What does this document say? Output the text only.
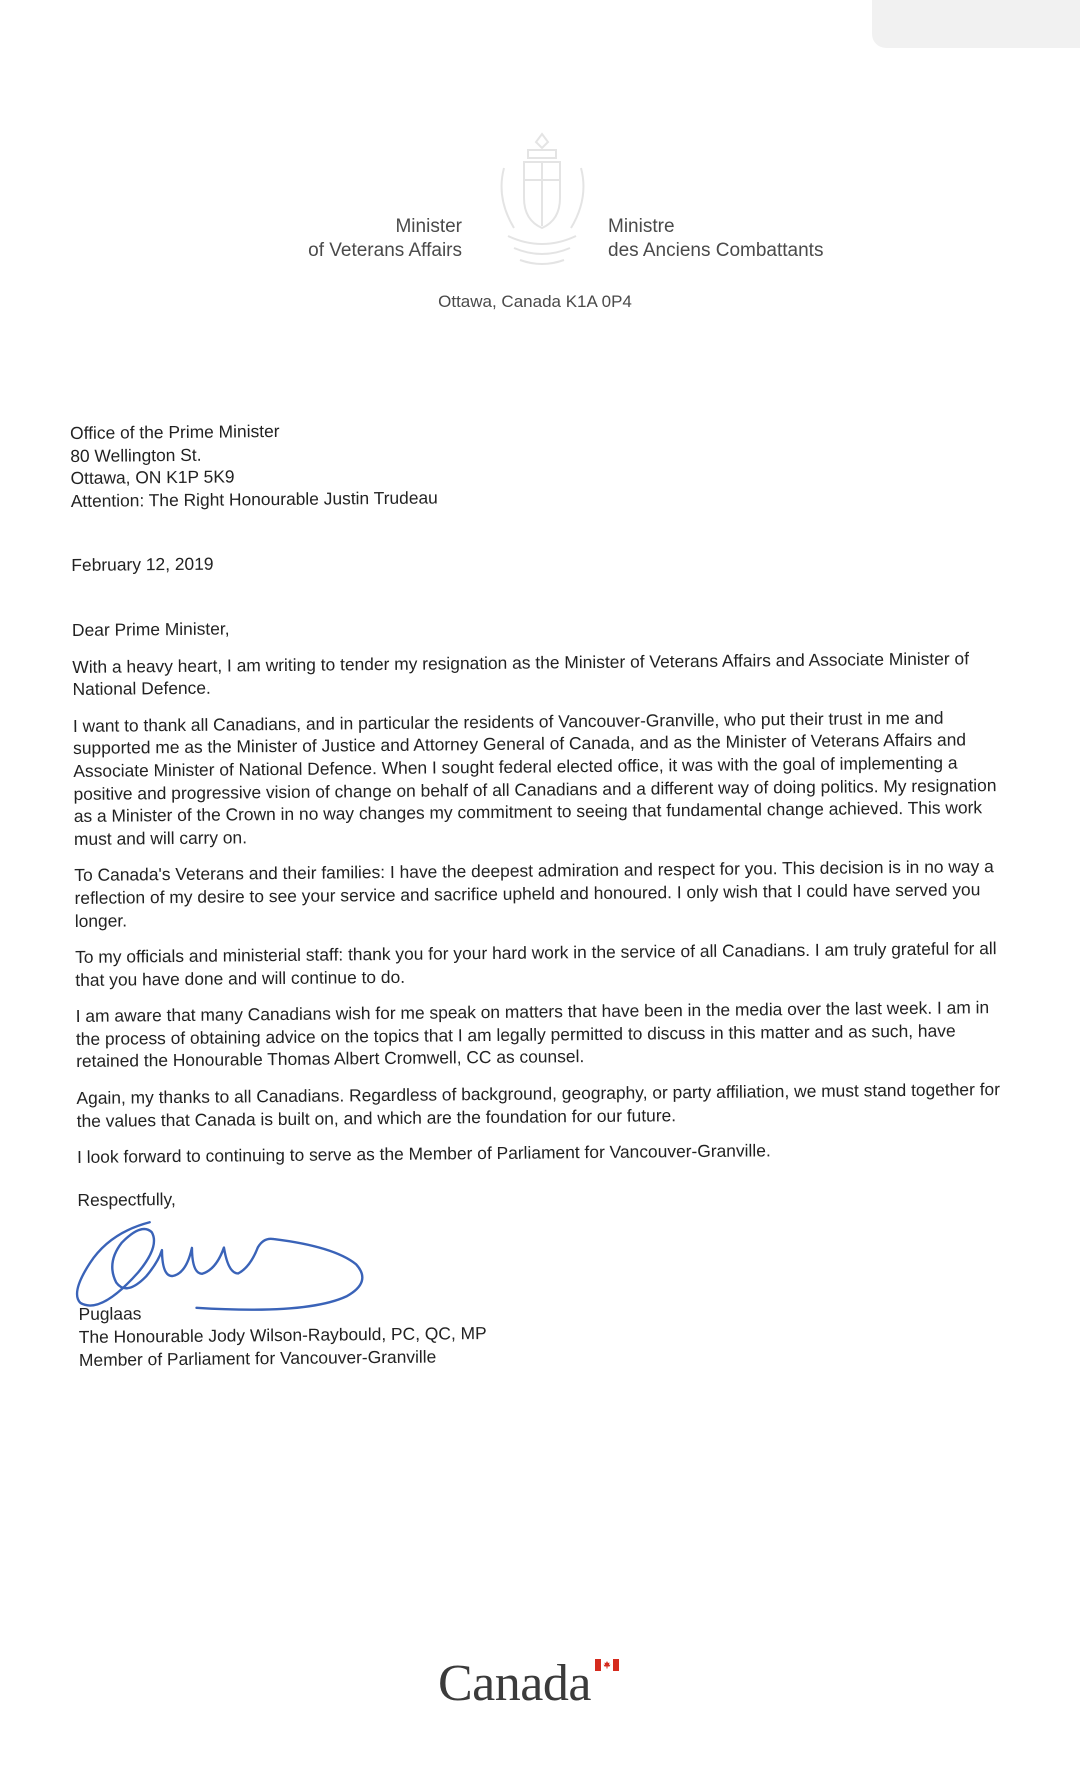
Minister
of Veterans Affairs
Ministre
des Anciens Combattants
Ottawa, Canada K1A 0P4
Office of the Prime Minister
80 Wellington St.
Ottawa, ON K1P 5K9
Attention: The Right Honourable Justin Trudeau

February 12, 2019

Dear Prime Minister,

With a heavy heart, I am writing to tender my resignation as the Minister of Veterans Affairs and Associate Minister of National Defence.

I want to thank all Canadians, and in particular the residents of Vancouver-Granville, who put their trust in me and supported me as the Minister of Justice and Attorney General of Canada, and as the Minister of Veterans Affairs and Associate Minister of National Defence. When I sought federal elected office, it was with the goal of implementing a positive and progressive vision of change on behalf of all Canadians and a different way of doing politics. My resignation as a Minister of the Crown in no way changes my commitment to seeing that fundamental change achieved. This work must and will carry on.

To Canada's Veterans and their families: I have the deepest admiration and respect for you. This decision is in no way a reflection of my desire to see your service and sacrifice upheld and honoured. I only wish that I could have served you longer.

To my officials and ministerial staff: thank you for your hard work in the service of all Canadians. I am truly grateful for all that you have done and will continue to do.

I am aware that many Canadians wish for me speak on matters that have been in the media over the last week. I am in the process of obtaining advice on the topics that I am legally permitted to discuss in this matter and as such, have retained the Honourable Thomas Albert Cromwell, CC as counsel.

Again, my thanks to all Canadians. Regardless of background, geography, or party affiliation, we must stand together for the values that Canada is built on, and which are the foundation for our future.

I look forward to continuing to serve as the Member of Parliament for Vancouver-Granville.

Respectfully,

Puglaas
The Honourable Jody Wilson-Raybould, PC, QC, MP
Member of Parliament for Vancouver-Granville
Canada
